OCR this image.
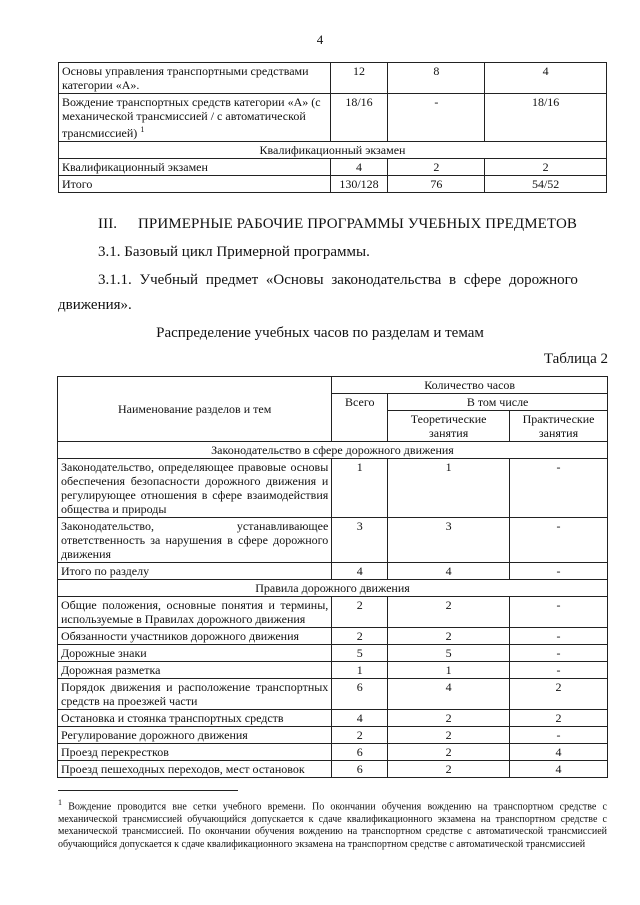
4
Основы управления транспортными средствами категории «А».	12	8	4
Вождение транспортных средств категории «А» (с механической трансмиссией / с автоматической трансмиссией) $^1$	18/16	-	18/16
Квалификационный экзамен			
Квалификационный экзамен	4	2	2
Итого	130/128	76	54/52
III. ПРИМЕРНЫЕ РАБОЧИЕ ПРОГРАММЫ УЧЕБНЫХ ПРЕДМЕТОВ
3.1. Базовый цикл Примерной программы.
3.1.1. Учебный предмет «Основы законодательства в сфере дорожного
движения».
Распределение учебных часов по разделам и темам
Таблица 2
Наименование разделов и тем	Количество часов		
	Всего	В том числе	
		Теоретические занятия	Практические занятия
Законодательство в сфере дорожного движения			
Законодательство, определяющее правовые основы обеспечения безопасности дорожного движения и регулирующее отношения в сфере взаимодействия общества и природы	1	1	-
Законодательство, устанавливающее ответственность за нарушения в сфере дорожного движения	3	3	-
Итого по разделу	4	4	-
Правила дорожного движения			
Общие положения, основные понятия и термины, используемые в Правилах дорожного движения	2	2	-
Обязанности участников дорожного движения	2	2	-
Дорожные знаки	5	5	-
Дорожная разметка	1	1	-
Порядок движения и расположение транспортных средств на проезжей части	6	4	2
Остановка и стоянка транспортных средств	4	2	2
Регулирование дорожного движения	2	2	-
Проезд перекрестков	6	2	4
Проезд пешеходных переходов, мест остановок	6	2	4
$^1$ Вождение проводится вне сетки учебного времени. По окончании обучения вождению на транспортном средстве с механической трансмиссией обучающийся допускается к сдаче квалификационного экзамена на транспортном средстве с механической трансмиссией. По окончании обучения вождению на транспортном средстве с автоматической трансмиссией обучающийся допускается к сдаче квалификационного экзамена на транспортном средстве с автоматической трансмиссией
